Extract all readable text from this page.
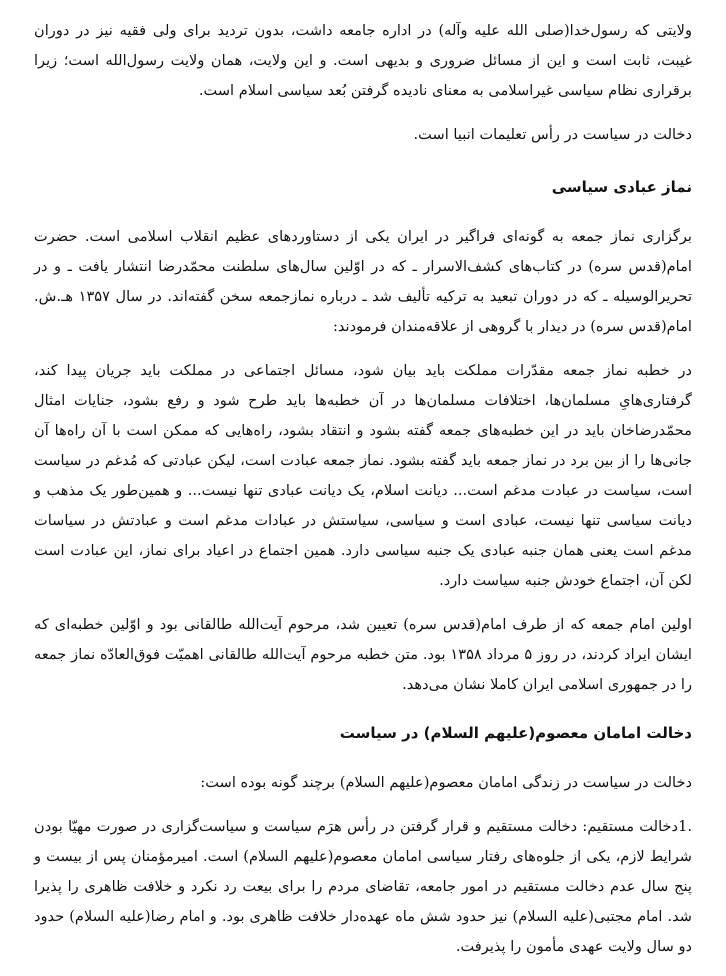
ولایتی که رسول‌خدا(صلی الله علیه وآله) در اداره جامعه داشت، بدون تردید برای ولی فقیه نیز در دوران غیبت، ثابت است و این از مسائل ضروری و بدیهی است. و این ولایت، همان ولایت رسول‌الله است؛ زیرا برقراری نظام سیاسی غیراسلامی به معنای نادیده گرفتن بُعد سیاسی اسلام است.

دخالت در سیاست در رأس تعلیمات انبیا است.

نماز عبادی سیاسی

برگزاری نماز جمعه به گونه‌ای فراگیر در ایران یکی از دستاوردهای عظیم انقلاب اسلامی است. حضرت امام(قدس سره) در کتاب‌های کشف‌الاسرار ـ که در اوّلین سال‌های سلطنت محمّدرضا انتشار یافت ـ و در تحریرالوسیله ـ که در دوران تبعید به ترکیه تألیف شد ـ درباره نمازجمعه سخن گفته‌اند. در سال ۱۳۵۷ هـ.ش. امام(قدس سره) در دیدار با گروهی از علاقه‌مندان فرمودند:

در خطبه نماز جمعه مقدّرات مملکت باید بیان شود، مسائل اجتماعی در مملکت باید جریان پیدا کند، گرفتاری‌هایِ مسلمان‌ها، اختلافات مسلمان‌ها در آن خطبه‌ها باید طرح شود و رفع بشود، جنایات امثال محمّدرضاخان باید در این خطبه‌های جمعه گفته بشود و انتقاد بشود، راه‌هایی که ممکن است با آن راه‌ها آن جانی‌ها را از بین برد در نماز جمعه باید گفته بشود. نماز جمعه عبادت است، لیکن عبادتی که مُدغم در سیاست است، سیاست در عبادت مدغم است... دیانت اسلام، یک دیانت عبادی تنها نیست... و همین‌طور یک مذهب و دیانت سیاسی تنها نیست، عبادی است و سیاسی، سیاستش در عبادات مدغم است و عبادتش در سیاسات مدغم است یعنی همان جنبه عبادی یک جنبه سیاسی دارد. همین اجتماع در اعیاد برای نماز، این عبادت است لکن آن، اجتماع خودش جنبه سیاست دارد.

اولین امام جمعه که از طرف امام(قدس سره) تعیین شد، مرحوم آیت‌الله طالقانی بود و اوّلین خطبه‌ای که ایشان ایراد کردند، در روز ۵ مرداد ۱۳۵۸ بود. متن خطبه مرحوم آیت‌الله طالقانی اهمیّت فوق‌العادّه نماز جمعه را در جمهوری اسلامی ایران کاملا نشان می‌دهد.

دخالت امامان معصوم(علیهم السلام) در سیاست

دخالت در سیاست در زندگی امامان معصوم(علیهم السلام) برچند گونه بوده است:

.1دخالت مستقیم: دخالت مستقیم و قرار گرفتن در رأس هرَم سیاست و سیاست‌گزاری در صورت مهیّا بودن شرایط لازم، یکی از جلوه‌های رفتار سیاسی امامان معصوم(علیهم السلام) است. امیرمؤمنان پس از بیست و پنج سال عدم دخالت مستقیم در امور جامعه، تقاضای مردم را برای بیعت رد نکرد و خلافت ظاهری را پذیرا شد. امام مجتبی(علیه السلام) نیز حدود شش ماه عهده‌دار خلافت ظاهری بود. و امام رضا(علیه السلام) حدود دو سال ولایت عهدی مأمون را پذیرفت.
